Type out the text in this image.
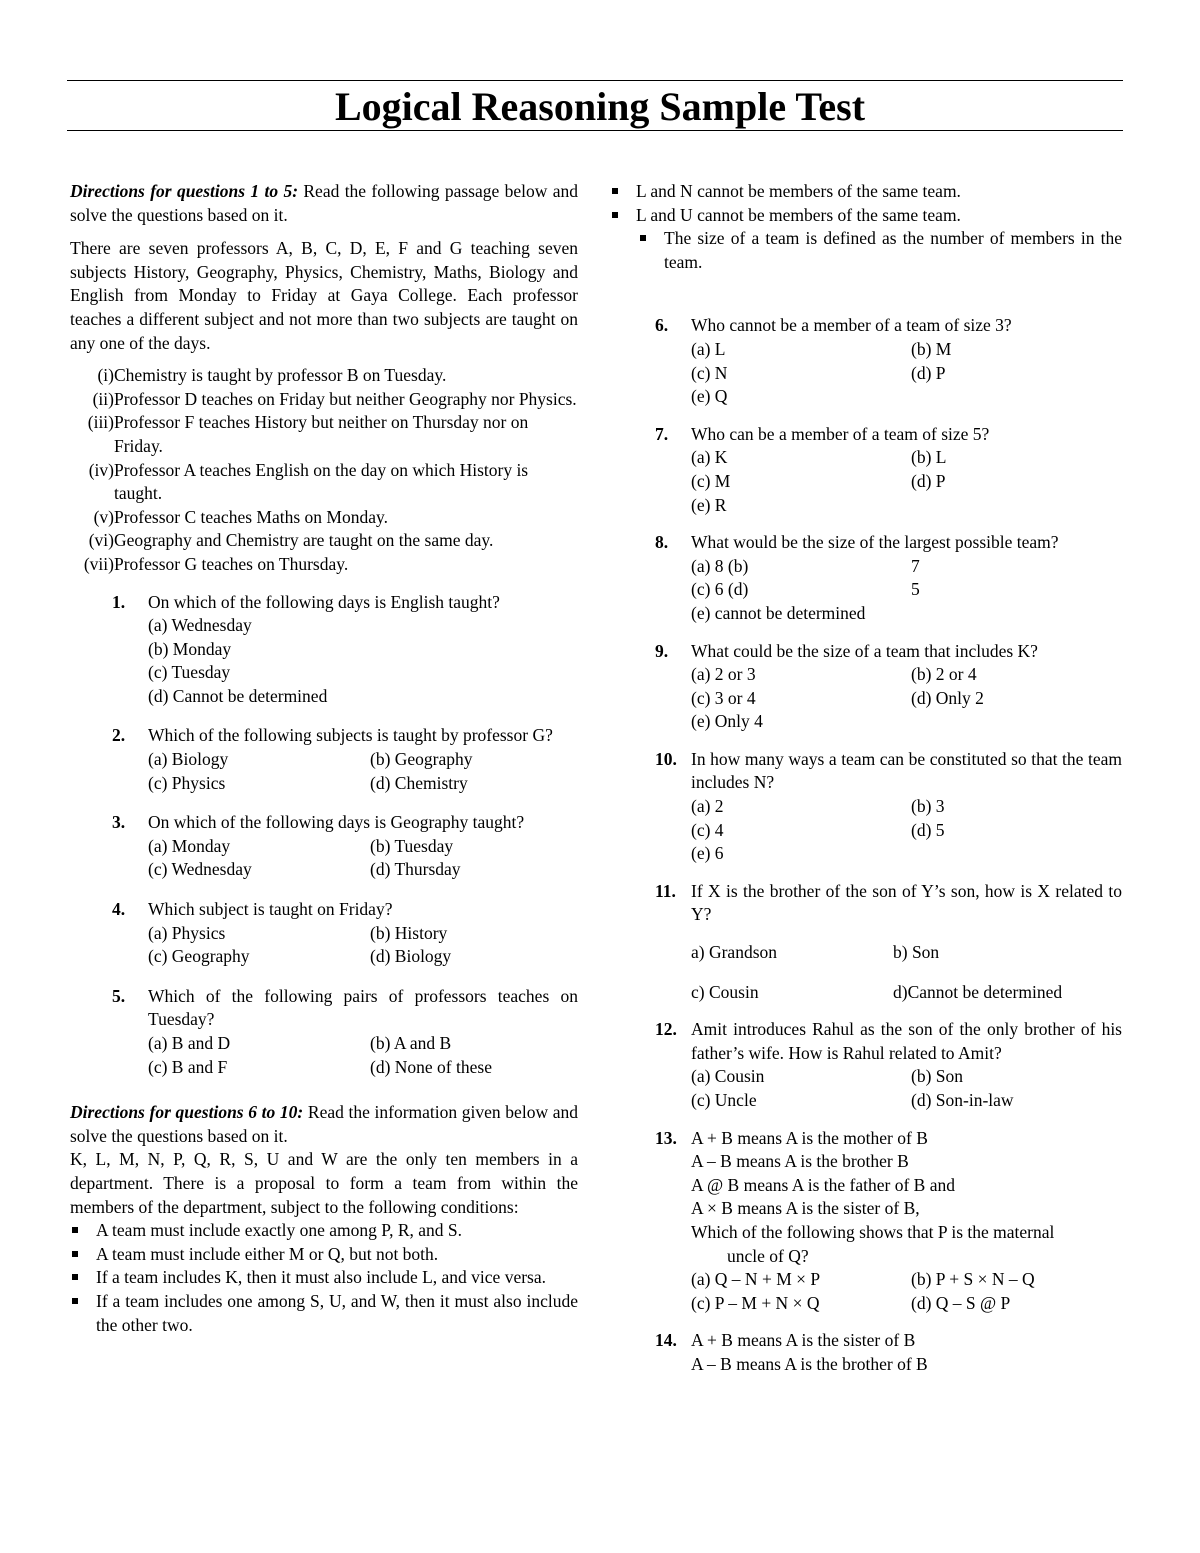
Logical Reasoning Sample Test

Directions for questions 1 to 5: Read the following passage below and solve the questions based on it.

There are seven professors A, B, C, D, E, F and G teaching seven subjects History, Geography, Physics, Chemistry, Maths, Biology and English from Monday to Friday at Gaya College. Each professor teaches a different subject and not more than two subjects are taught on any one of the days.

(i) Chemistry is taught by professor B on Tuesday.
(ii) Professor D teaches on Friday but neither Geography nor Physics.
(iii) Professor F teaches History but neither on Thursday nor on Friday.
(iv) Professor A teaches English on the day on which History is taught.
(v) Professor C teaches Maths on Monday.
(vi) Geography and Chemistry are taught on the same day.
(vii) Professor G teaches on Thursday.
1.	On which of the following days is English taught?
(a) Wednesday
(b) Monday
(c) Tuesday
(d) Cannot be determined
2.	Which of the following subjects is taught by professor G?
(a) Biology	(b) Geography
(c) Physics	(d) Chemistry
3.	On which of the following days is Geography taught?
(a) Monday	(b) Tuesday
(c) Wednesday	(d) Thursday
4.	Which subject is taught on Friday?
(a) Physics	(b) History
(c) Geography	(d) Biology
5.	Which of the following pairs of professors teaches on Tuesday?
(a) B and D	(b) A and B
(c) B and F	(d) None of these

Directions for questions 6 to 10: Read the information given below and solve the questions based on it.

K, L, M, N, P, Q, R, S, U and W are the only ten members in a department. There is a proposal to form a team from within the members of the department, subject to the following conditions:

A team must include exactly one among P, R, and S.
A team must include either M or Q, but not both.
If a team includes K, then it must also include L, and vice versa.
If a team includes one among S, U, and W, then it must also include the other two.
L and N cannot be members of the same team.
L and U cannot be members of the same team.
The size of a team is defined as the number of members in the team.
6.	Who cannot be a member of a team of size 3?
(a) L	(b) M
(c) N	(d) P
(e) Q
7.	Who can be a member of a team of size 5?
(a) K	(b) L
(c) M	(d) P
(e) R
8.	What would be the size of the largest possible team?
(a) 8 (b)	7
(c) 6 (d)	5
(e) cannot be determined
9.	What could be the size of a team that includes K?
(a) 2 or 3	(b) 2 or 4
(c) 3 or 4	(d) Only 2
(e) Only 4
10. In how many ways a team can be constituted so that the team includes N?
(a) 2	(b) 3
(c) 4	(d) 5
(e) 6
11. If X is the brother of the son of Y’s son, how is X related to Y?
a) Grandson	b) Son
c) Cousin	d)Cannot be determined
12. Amit introduces Rahul as the son of the only brother of his father’s wife. How is Rahul related to Amit?
(a) Cousin	(b) Son
(c) Uncle	(d) Son-in-law
13. A + B means A is the mother of B
A – B means A is the brother B
A @ B means A is the father of B and
A × B means A is the sister of B,
Which of the following shows that P is the maternal
uncle of Q?
(a) Q – N + M × P	(b) P + S × N – Q
(c) P – M + N × Q	(d) Q – S @ P
14. A + B means A is the sister of B
A – B means A is the brother of B
